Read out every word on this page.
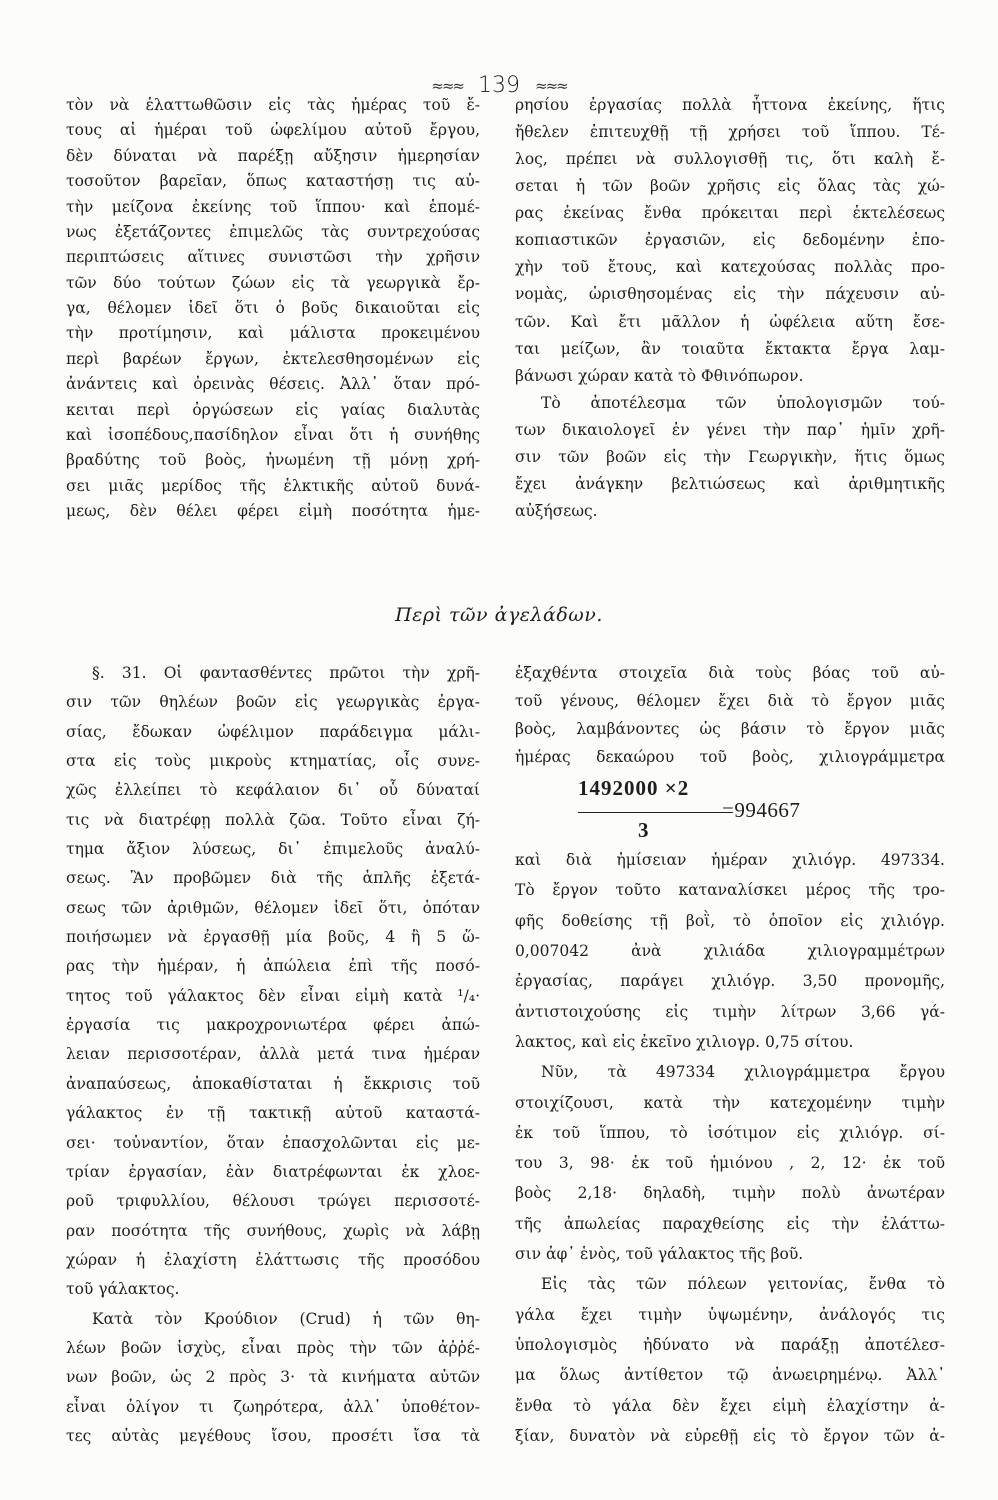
≈≈≈ 139 ≈≈≈
τὸν νὰ ἐλαττωθῶσιν εἰς τὰς ἡμέρας τοῦ ἔ-
τους αἱ ἡμέραι τοῦ ὠφελίμου αὐτοῦ ἔργου,
δὲν δύναται νὰ παρέξῃ αὔξησιν ἡμερησίαν
τοσοῦτον βαρεῖαν, ὅπως καταστήσῃ τις αὐ-
τὴν μείζονα ἐκείνης τοῦ ἵππου· καὶ ἑπομέ-
νως ἐξετάζοντες ἐπιμελῶς τὰς συντρεχούσας
περιπτώσεις αἵτινες συνιστῶσι τὴν χρῆσιν
τῶν δύο τούτων ζώων εἰς τὰ γεωργικὰ ἔρ-
γα, θέλομεν ἰδεῖ ὅτι ὁ βοῦς δικαιοῦται εἰς
τὴν προτίμησιν, καὶ μάλιστα προκειμένου
περὶ βαρέων ἔργων, ἐκτελεσθησομένων εἰς
ἀνάντεις καὶ ὀρεινὰς θέσεις. Ἀλλ᾽ ὅταν πρό-
κειται περὶ ὀργώσεων εἰς γαίας διαλυτὰς
καὶ ἰσοπέδους,πασίδηλον εἶναι ὅτι ἡ συνήθης
βραδύτης τοῦ βοὸς, ἠνωμένη τῇ μόνῃ χρή-
σει μιᾶς μερίδος τῆς ἑλκτικῆς αὐτοῦ δυνά-
μεως, δὲν θέλει φέρει εἰμὴ ποσότητα ἡμε-
ρησίου ἐργασίας πολλὰ ἧττονα ἐκείνης, ἥτις
ἤθελεν ἐπιτευχθῇ τῇ χρήσει τοῦ ἵππου. Τέ-
λος, πρέπει νὰ συλλογισθῇ τις, ὅτι καλὴ ἔ-
σεται ἡ τῶν βοῶν χρῆσις εἰς ὅλας τὰς χώ-
ρας ἐκείνας ἔνθα πρόκειται περὶ ἐκτελέσεως
κοπιαστικῶν ἐργασιῶν, εἰς δεδομένην ἐπο-
χὴν τοῦ ἔτους, καὶ κατεχούσας πολλὰς προ-
νομὰς, ὡρισθησομένας εἰς τὴν πάχευσιν αὐ-
τῶν. Καὶ ἔτι μᾶλλον ἡ ὠφέλεια αὕτη ἔσε-
ται μείζων, ἂν τοιαῦτα ἔκτακτα ἔργα λαμ-
βάνωσι χώραν κατὰ τὸ Φθινόπωρον.
Τὸ ἀποτέλεσμα τῶν ὑπολογισμῶν τού-
των δικαιολογεῖ ἐν γένει τὴν παρ᾽ ἡμῖν χρῆ-
σιν τῶν βοῶν εἰς τὴν Γεωργικὴν, ἥτις ὅμως
ἔχει ἀνάγκην βελτιώσεως καὶ ἀριθμητικῆς
αὐξήσεως.
Περὶ τῶν ἀγελάδων.
§. 31. Οἱ φαντασθέντες πρῶτοι τὴν χρῆ-
σιν τῶν θηλέων βοῶν εἰς γεωργικὰς ἐργα-
σίας, ἔδωκαν ὠφέλιμον παράδειγμα μάλι-
στα εἰς τοὺς μικροὺς κτηματίας, οἷς συνε-
χῶς ἐλλείπει τὸ κεφάλαιον δι᾽ οὗ δύναταί
τις νὰ διατρέφῃ πολλὰ ζῶα. Τοῦτο εἶναι ζή-
τημα ἄξιον λύσεως, δι᾽ ἐπιμελοῦς ἀναλύ-
σεως. Ἂν προβῶμεν διὰ τῆς ἁπλῆς ἐξετά-
σεως τῶν ἀριθμῶν, θέλομεν ἰδεῖ ὅτι, ὁπόταν
ποιήσωμεν νὰ ἐργασθῇ μία βοῦς, 4 ἢ 5 ὥ-
ρας τὴν ἡμέραν, ἡ ἀπώλεια ἐπὶ τῆς ποσό-
τητος τοῦ γάλακτος δὲν εἶναι εἰμὴ κατὰ ¹/₄·
ἐργασία τις μακροχρονιωτέρα φέρει ἀπώ-
λειαν περισσοτέραν, ἀλλὰ μετά τινα ἡμέραν
ἀναπαύσεως, ἀποκαθίσταται ἡ ἔκκρισις τοῦ
γάλακτος ἐν τῇ τακτικῇ αὐτοῦ καταστά-
σει· τοὐναντίον, ὅταν ἐπασχολῶνται εἰς με-
τρίαν ἐργασίαν, ἐὰν διατρέφωνται ἐκ χλοε-
ροῦ τριφυλλίου, θέλουσι τρώγει περισσοτέ-
ραν ποσότητα τῆς συνήθους, χωρὶς νὰ λάβῃ
χώραν ἡ ἐλαχίστη ἐλάττωσις τῆς προσόδου
τοῦ γάλακτος.
Κατὰ τὸν Κρούδιον (Crud) ἡ τῶν θη-
λέων βοῶν ἰσχὺς, εἶναι πρὸς τὴν τῶν ἀῤῥέ-
νων βοῶν, ὡς 2 πρὸς 3· τὰ κινήματα αὐτῶν
εἶναι ὀλίγον τι ζωηρότερα, ἀλλ᾽ ὑποθέτον-
τες αὐτὰς μεγέθους ἴσου, προσέτι ἴσα τὰ
ἐξαχθέντα στοιχεῖα διὰ τοὺς βόας τοῦ αὐ-
τοῦ γένους, θέλομεν ἔχει διὰ τὸ ἔργον μιᾶς
βοὸς, λαμβάνοντες ὡς βάσιν τὸ ἔργον μιᾶς
ἡμέρας δεκαώρου τοῦ βοὸς, χιλιογράμμετρα
1492000 ×2
3
=994667
καὶ διὰ ἡμίσειαν ἡμέραν χιλιόγρ. 497334.
Τὸ ἔργον τοῦτο καταναλίσκει μέρος τῆς τρο-
φῆς δοθείσης τῇ βοῒ, τὸ ὁποῖον εἰς χιλιόγρ.
0,007042 ἀνὰ χιλιάδα χιλιογραμμέτρων
ἐργασίας, παράγει χιλιόγρ. 3,50 προνομῆς,
ἀντιστοιχούσης εἰς τιμὴν λίτρων 3,66 γά-
λακτος, καὶ εἰς ἐκεῖνο χιλιογρ. 0,75 σίτου.
Νῦν, τὰ 497334 χιλιογράμμετρα ἔργου
στοιχίζουσι, κατὰ τὴν κατεχομένην τιμὴν
ἐκ τοῦ ἵππου, τὸ ἰσότιμον εἰς χιλιόγρ. σί-
του 3, 98· ἐκ τοῦ ἡμιόνου , 2, 12· ἐκ τοῦ
βοὸς 2,18· δηλαδὴ, τιμὴν πολὺ ἀνωτέραν
τῆς ἀπωλείας παραχθείσης εἰς τὴν ἐλάττω-
σιν ἀφ᾽ ἑνὸς, τοῦ γάλακτος τῆς βοῦ.
Εἰς τὰς τῶν πόλεων γειτονίας, ἔνθα τὸ
γάλα ἔχει τιμὴν ὑψωμένην, ἀνάλογός τις
ὑπολογισμὸς ἠδύνατο νὰ παράξῃ ἀποτέλεσ-
μα ὅλως ἀντίθετον τῷ ἀνωειρημένῳ. Ἀλλ᾽
ἔνθα τὸ γάλα δὲν ἔχει εἰμὴ ἐλαχίστην ἀ-
ξίαν, δυνατὸν νὰ εὑρεθῇ εἰς τὸ ἔργον τῶν ἀ-
